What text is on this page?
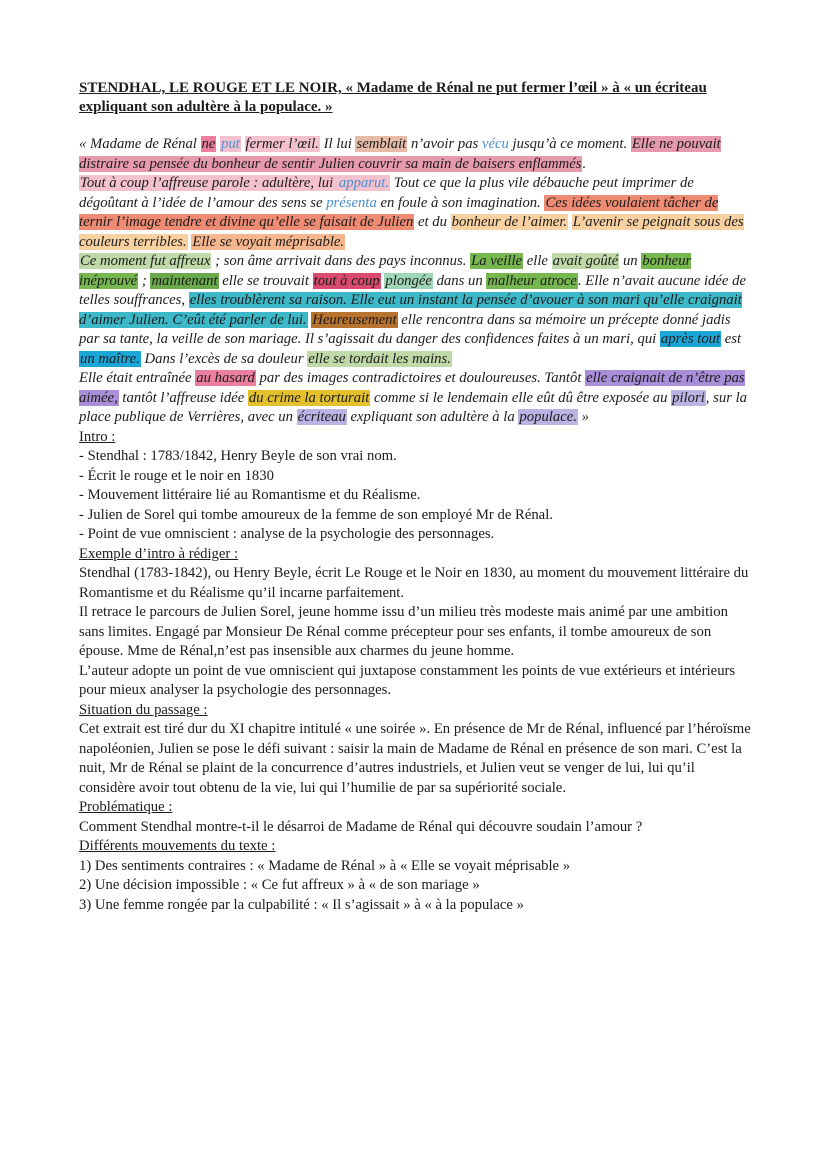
STENDHAL, LE ROUGE ET LE NOIR, « Madame de Rénal ne put fermer l’œil » à « un écriteau expliquant son adultère à la populace. »

« Madame de Rénal ne put fermer l’œil. Il lui semblait n’avoir pas vécu jusqu’à ce moment. Elle ne pouvait distraire sa pensée du bonheur de sentir Julien couvrir sa main de baisers enflammés.

Tout à coup l’affreuse parole : adultère, lui apparut. Tout ce que la plus vile débauche peut imprimer de dégoûtant à l’idée de l’amour des sens se présenta en foule à son imagination. Ces idées voulaient tâcher de ternir l’image tendre et divine qu’elle se faisait de Julien et du bonheur de l’aimer. L’avenir se peignait sous des couleurs terribles. Elle se voyait méprisable.

Ce moment fut affreux ; son âme arrivait dans des pays inconnus. La veille elle avait goûté un bonheur inéprouvé ; maintenant elle se trouvait tout à coup plongée dans un malheur atroce. Elle n’avait aucune idée de telles souffrances, elles troublèrent sa raison. Elle eut un instant la pensée d’avouer à son mari qu’elle craignait d’aimer Julien. C’eût été parler de lui. Heureusement elle rencontra dans sa mémoire un précepte donné jadis par sa tante, la veille de son mariage. Il s’agissait du danger des confidences faites à un mari, qui après tout est un maître. Dans l’excès de sa douleur elle se tordait les mains.

Elle était entraînée au hasard par des images contradictoires et douloureuses. Tantôt elle craignait de n’être pas aimée, tantôt l’affreuse idée du crime la torturait comme si le lendemain elle eût dû être exposée au pilori, sur la place publique de Verrières, avec un écriteau expliquant son adultère à la populace. »

Intro :
- Stendhal : 1783/1842, Henry Beyle de son vrai nom.
- Écrit le rouge et le noir en 1830
- Mouvement littéraire lié au Romantisme et du Réalisme.
- Julien de Sorel qui tombe amoureux de la femme de son employé Mr de Rénal.
- Point de vue omniscient : analyse de la psychologie des personnages.
Exemple d’intro à rédiger :

Stendhal (1783-1842), ou Henry Beyle, écrit Le Rouge et le Noir en 1830, au moment du mouvement littéraire du Romantisme et du Réalisme qu’il incarne parfaitement.

Il retrace le parcours de Julien Sorel, jeune homme issu d’un milieu très modeste mais animé par une ambition sans limites. Engagé par Monsieur De Rénal comme précepteur pour ses enfants, il tombe amoureux de son épouse. Mme de Rénal,n’est pas insensible aux charmes du jeune homme.

L’auteur adopte un point de vue omniscient qui juxtapose constamment les points de vue extérieurs et intérieurs pour mieux analyser la psychologie des personnages.

Situation du passage :

Cet extrait est tiré dur du XI chapitre intitulé « une soirée ». En présence de Mr de Rénal, influencé par l’héroïsme napoléonien, Julien se pose le défi suivant : saisir la main de Madame de Rénal en présence de son mari. C’est la nuit, Mr de Rénal se plaint de la concurrence d’autres industriels, et Julien veut se venger de lui, lui qu’il considère avoir tout obtenu de la vie, lui qui l’humilie de par sa supériorité sociale.

Problématique :

Comment Stendhal montre-t-il le désarroi de Madame de Rénal qui découvre soudain l’amour ?

Différents mouvements du texte :
1) Des sentiments contraires : « Madame de Rénal » à « Elle se voyait méprisable »
2) Une décision impossible : « Ce fut affreux » à « de son mariage »
3) Une femme rongée par la culpabilité : « Il s’agissait » à « à la populace »
